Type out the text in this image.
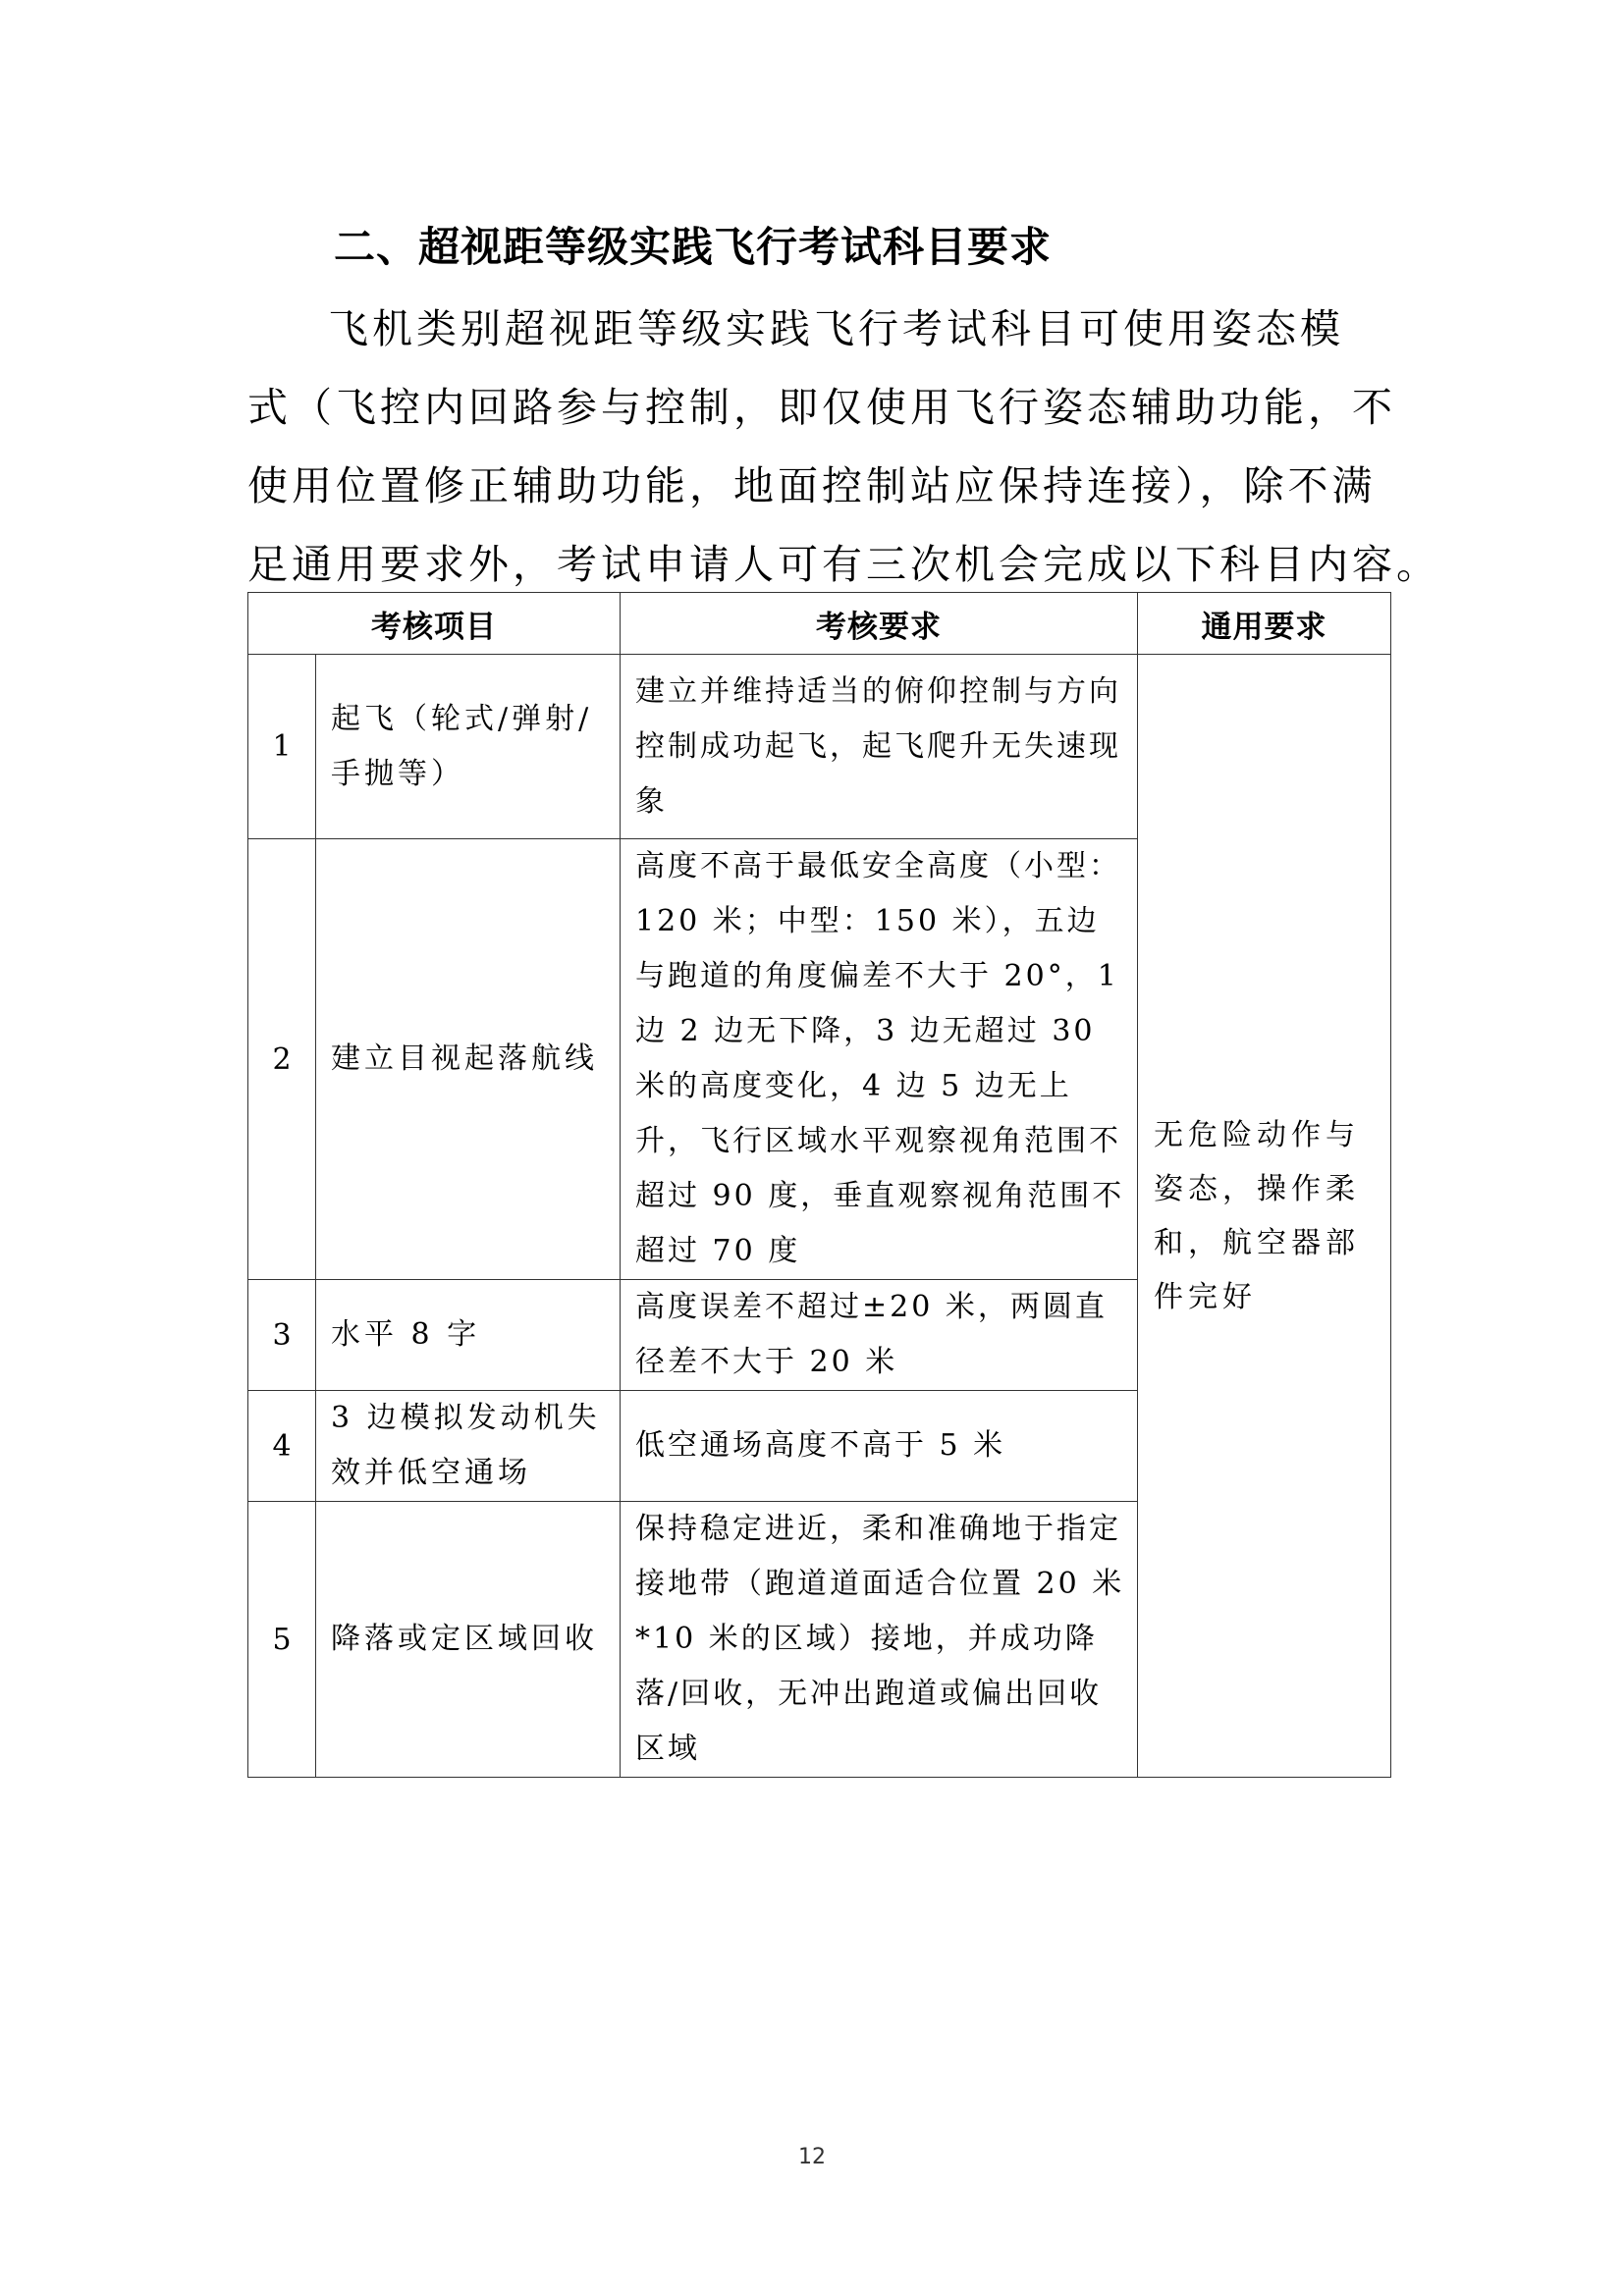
二、超视距等级实践飞行考试科目要求
飞机类别超视距等级实践飞行考试科目可使用姿态模
式（飞控内回路参与控制，即仅使用飞行姿态辅助功能，不
使用位置修正辅助功能，地面控制站应保持连接），除不满
足通用要求外，考试申请人可有三次机会完成以下科目内容。
考核项目		考核要求	通用要求
1	起飞（轮式/弹射/手抛等）	建立并维持适当的俯仰控制与方向控制成功起飞，起飞爬升无失速现象	无危险动作与姿态，操作柔和，航空器部件完好
2	建立目视起落航线	高度不高于最低安全高度（小型：120 米；中型：150 米），五边与跑道的角度偏差不大于 20°，1 边 2 边无下降，3 边无超过 30 米的高度变化，4 边 5 边无上升，飞行区域水平观察视角范围不超过 90 度，垂直观察视角范围不超过 70 度	
3	水平 8 字	高度误差不超过±20 米，两圆直径差不大于 20 米	
4	3 边模拟发动机失效并低空通场	低空通场高度不高于 5 米	
5	降落或定区域回收	保持稳定进近，柔和准确地于指定接地带（跑道道面适合位置 20 米*10 米的区域）接地，并成功降落/回收，无冲出跑道或偏出回收区域	
12
